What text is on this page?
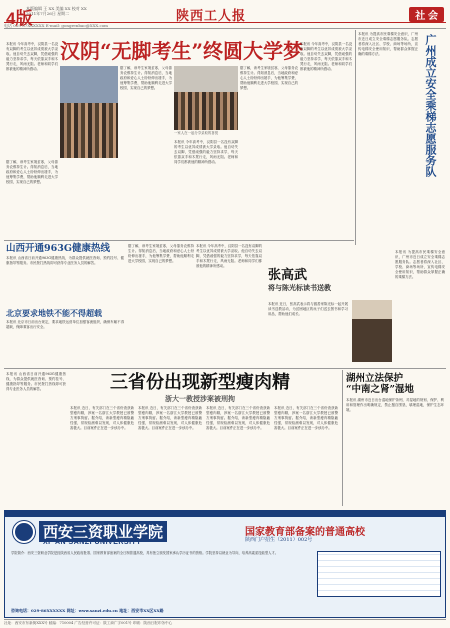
4版
本版编辑 王 XX 美编 XX 校对 XX
2011年7月26日 星期二	陕西工人报	社 会
电话 029-87XXXXXX E-mail: gongrenbao@XXX.com
汉阴“无脚考生”终圆大学梦
本报讯 今年高考中，汉阴县一名没有双脚的考生以优异成绩被大学录取。他自幼失去双脚，凭借顽强的毅力坚持求学，每天依靠双手和木凳行走，风雨无阻。老师和同学们都被他的精神所感动。
据了解，该考生家境贫寒，父母靠务农维持生计。得知消息后，当地政府和爱心人士纷纷伸出援手，为他筹集学费，帮助他顺利走进大学校园，实现自己的梦想。
据了解，该考生家境贫寒，父母靠务农维持生计。得知消息后，当地政府和爱心人士纷纷伸出援手，为他筹集学费，帮助他顺利走进大学校园，实现自己的梦想。
一家人在一起分享录取的喜悦
本报讯 今年高考中，汉阴县一名没有双脚的考生以优异成绩被大学录取。他自幼失去双脚，凭借顽强的毅力坚持求学，每天依靠双手和木凳行走，风雨无阻。老师和同学们都被他的精神所感动。
据了解，该考生家境贫寒，父母靠务农维持生计。得知消息后，当地政府和爱心人士纷纷伸出援手，为他筹集学费，帮助他顺利走进大学校园，实现自己的梦想。
本报讯 今年高考中，汉阴县一名没有双脚的考生以优异成绩被大学录取。他自幼失去双脚，凭借顽强的毅力坚持求学，每天依靠双手和木凳行走，风雨无阻。老师和同学们都被他的精神所感动。	广州成立安全乘梯志愿服务队
本报讯 为提高市民乘梯安全意识，广州市近日成立安全乘梯志愿服务队。志愿者将深入社区、学校、商场等场所，宣传电梯安全使用知识，帮助群众掌握正确的乘梯方法。
山西开通963G健康热线
本报讯 山西省日前开通963G健康热线，为群众提供就医咨询、预约挂号、健康指导等服务。市民拨打热线即可获得专业医务人员的解答。
北京要求地铁不能不得超载
本报讯 北京市日前出台规定，要求地铁运营单位加强客流组织，确保车厢不得超载，保障乘客出行安全。
据了解，该考生家境贫寒，父母靠务农维持生计。得知消息后，当地政府和爱心人士纷纷伸出援手，为他筹集学费，帮助他顺利走进大学校园，实现自己的梦想。
本报讯 今年高考中，汉阴县一名没有双脚的考生以优异成绩被大学录取。他自幼失去双脚，凭借顽强的毅力坚持求学，每天依靠双手和木凳行走，风雨无阻。老师和同学们都被他的精神所感动。
张高武
将与陈光标读书送教
本报讯 近日，张高武表示将与慈善家陈光标一起开展读书送教活动，为贫困地区的孩子们送去图书和学习用品，帮助他们成长。
本报讯 为提高市民乘梯安全意识，广州市近日成立安全乘梯志愿服务队。志愿者将深入社区、学校、商场等场所，宣传电梯安全使用知识，帮助群众掌握正确的乘梯方法。
三省份出现新型瘦肉精
浙大一教授涉案被刑拘
本报讯 山西省日前开通963G健康热线，为群众提供就医咨询、预约挂号、健康指导等服务。市民拨打热线即可获得专业医务人员的解答。
本报讯 近日，有关部门在三个省份查获新型瘦肉精，涉案一名浙江大学教授已被警方刑事拘留。据介绍，该新型瘦肉精隐蔽性强，常规检测难以发现，对人体健康危害极大。目前案件正在进一步侦办中。
本报讯 近日，有关部门在三个省份查获新型瘦肉精，涉案一名浙江大学教授已被警方刑事拘留。据介绍，该新型瘦肉精隐蔽性强，常规检测难以发现，对人体健康危害极大。目前案件正在进一步侦办中。
本报讯 近日，有关部门在三个省份查获新型瘦肉精，涉案一名浙江大学教授已被警方刑事拘留。据介绍，该新型瘦肉精隐蔽性强，常规检测难以发现，对人体健康危害极大。目前案件正在进一步侦办中。
本报讯 近日，有关部门在三个省份查获新型瘦肉精，涉案一名浙江大学教授已被警方刑事拘留。据介绍，该新型瘦肉精隐蔽性强，常规检测难以发现，对人体健康危害极大。目前案件正在进一步侦办中。
湖州立法保护
“中南之肾”湿地
本报讯 湖州市近日出台湿地保护条例，对湿地的规划、保护、利用和管理作出明确规定，禁止擅自围垦、填埋湿地，保护生态环境。
西安三资职业学院
XI' AN SANZI UNIVERSITY
国家教育部备案的普通高校
陕西门户招生（2011）002号
学院简介：西安三资职业学院是经陕西省人民政府批准、国家教育部备案的全日制普通高校，具有独立颁发国家承认学历证书的资格。学院坚持以就业为导向，培养高素质技能型人才。
咨询电话：029-86XXXXXX 网址：www.sanzi.edu.cn 地址：西安市XX区XX路
社址：西安市东新街XXX号 邮编：710004 广告经营许可证：陕工商广字001号 印刷：陕西日报印务中心
